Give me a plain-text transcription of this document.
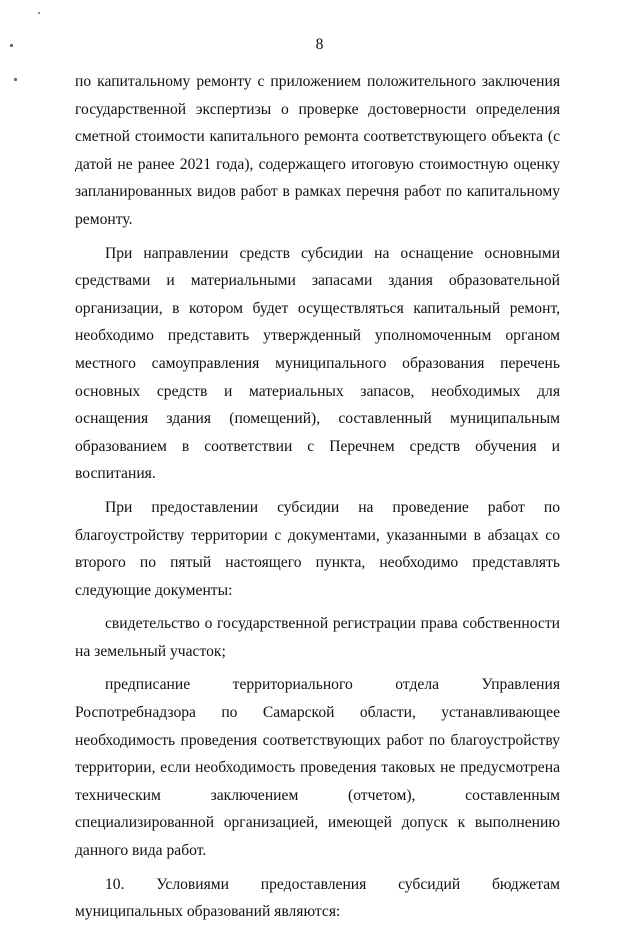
8

по капитальному ремонту с приложением положительного заключения государственной экспертизы о проверке достоверности определения сметной стоимости капитального ремонта соответствующего объекта (с датой не ранее 2021 года), содержащего итоговую стоимостную оценку запланированных видов работ в рамках перечня работ по капитальному ремонту.

При направлении средств субсидии на оснащение основными средствами и материальными запасами здания образовательной организации, в котором будет осуществляться капитальный ремонт, необходимо представить утвержденный уполномоченным органом местного самоуправления муниципального образования перечень основных средств и материальных запасов, необходимых для оснащения здания (помещений), составленный муниципальным образованием в соответствии с Перечнем средств обучения и воспитания.

При предоставлении субсидии на проведение работ по благоустройству территории с документами, указанными в абзацах со второго по пятый настоящего пункта, необходимо представлять следующие документы:

свидетельство о государственной регистрации права собственности на земельный участок;

предписание территориального отдела Управления Роспотребнадзора по Самарской области, устанавливающее необходимость проведения соответствующих работ по благоустройству территории, если необходимость проведения таковых не предусмотрена техническим заключением (отчетом), составленным специализированной организацией, имеющей допуск к выполнению данного вида работ.

10. Условиями предоставления субсидий бюджетам муниципальных образований являются:
